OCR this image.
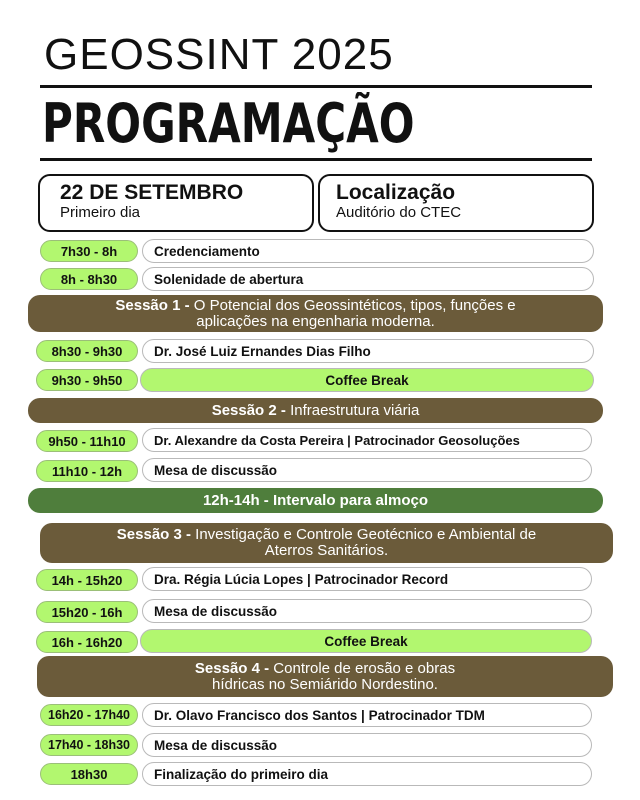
GEOSSINT 2025
PROGRAMAÇÃO
22 DE SETEMBRO
Primeiro dia
Localização
Auditório do CTEC
7h30 - 8h	Credenciamento
8h - 8h30	Solenidade de abertura
Sessão 1 - O Potencial dos Geossintéticos, tipos, funções e
aplicações na engenharia moderna.
8h30 - 9h30	Dr. José Luiz Ernandes Dias Filho
9h30 - 9h50	Coffee Break
Sessão 2 - Infraestrutura viária
9h50 - 11h10	Dr. Alexandre da Costa Pereira | Patrocinador Geosoluções
11h10 - 12h	Mesa de discussão
12h-14h - Intervalo para almoço
Sessão 3 - Investigação e Controle Geotécnico e Ambiental de
Aterros Sanitários.
14h - 15h20	Dra. Régia Lúcia Lopes | Patrocinador Record
15h20 - 16h	Mesa de discussão
16h - 16h20	Coffee Break
Sessão 4 - Controle de erosão e obras
hídricas no Semiárido Nordestino.
16h20 - 17h40	Dr. Olavo Francisco dos Santos | Patrocinador TDM
17h40 - 18h30	Mesa de discussão
18h30	Finalização do primeiro dia
